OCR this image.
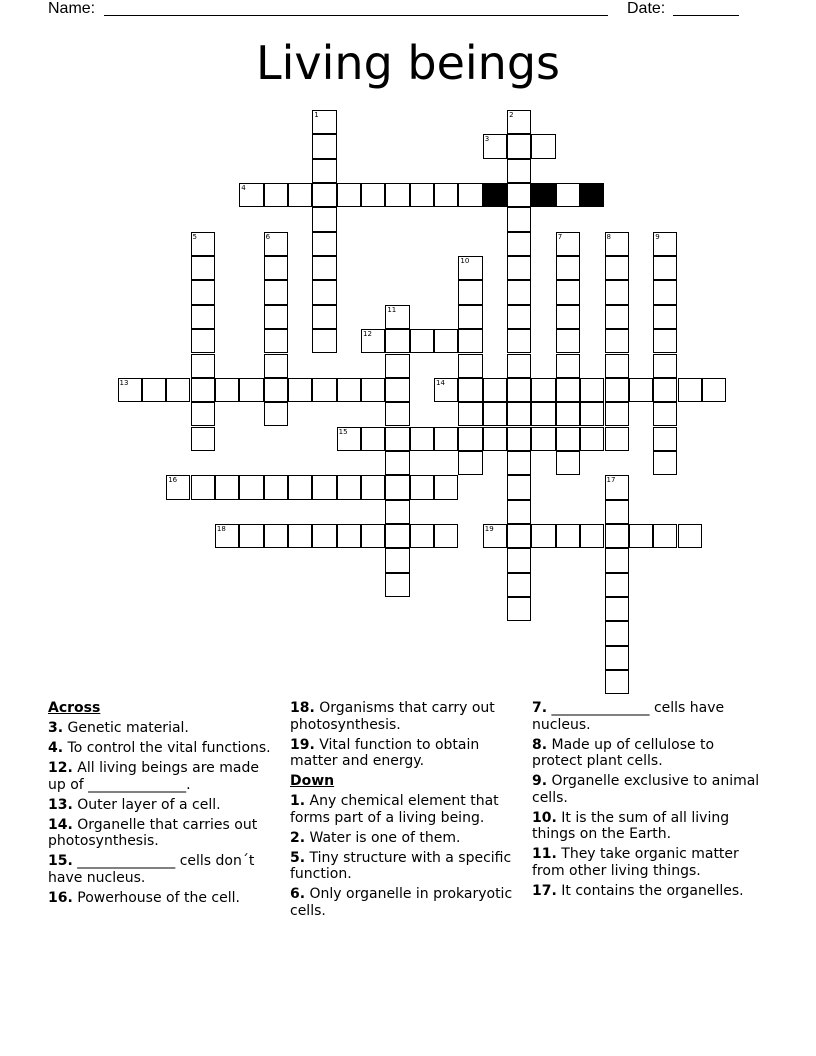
Name:	Date:
Living beings
1	2
3
4
5	6	7	8	9
10
11
12
13	14
15
16	17
18	19
Across
3. Genetic material.
4. To control the vital functions.
12. All living beings are made up of ______________.
13. Outer layer of a cell.
14. Organelle that carries out photosynthesis.
15. ______________ cells don´t have nucleus.
16. Powerhouse of the cell.
18. Organisms that carry out photosynthesis.
19. Vital function to obtain matter and energy.
Down
1. Any chemical element that forms part of a living being.
2. Water is one of them.
5. Tiny structure with a specific function.
6. Only organelle in prokaryotic cells.
7. ______________ cells have nucleus.
8. Made up of cellulose to protect plant cells.
9. Organelle exclusive to animal cells.
10. It is the sum of all living things on the Earth.
11. They take organic matter from other living things.
17. It contains the organelles.
